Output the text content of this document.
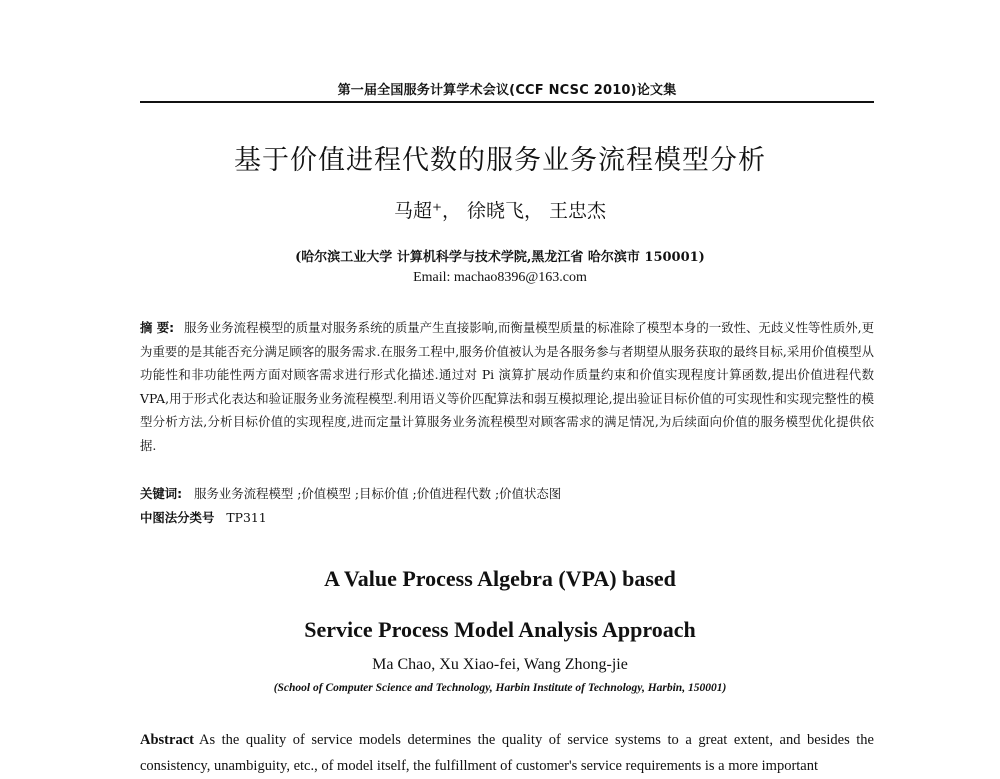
第一届全国服务计算学术会议(CCF NCSC 2010)论文集
基于价值进程代数的服务业务流程模型分析
马超⁺， 徐晓飞， 王忠杰
(哈尔滨工业大学 计算机科学与技术学院,黑龙江省 哈尔滨市 150001)
Email: machao8396@163.com
摘 要: 服务业务流程模型的质量对服务系统的质量产生直接影响,而衡量模型质量的标准除了模型本身的一致性、无歧义性等性质外,更为重要的是其能否充分满足顾客的服务需求.在服务工程中,服务价值被认为是各服务参与者期望从服务获取的最终目标,采用价值模型从功能性和非功能性两方面对顾客需求进行形式化描述.通过对 Pi 演算扩展动作质量约束和价值实现程度计算函数,提出价值进程代数 VPA,用于形式化表达和验证服务业务流程模型.利用语义等价匹配算法和弱互模拟理论,提出验证目标价值的可实现性和实现完整性的模型分析方法,分析目标价值的实现程度,进而定量计算服务业务流程模型对顾客需求的满足情况,为后续面向价值的服务模型优化提供依据.
关键词: 服务业务流程模型 ;价值模型 ;目标价值 ;价值进程代数 ;价值状态图
中图法分类号 TP311
A Value Process Algebra (VPA) based
Service Process Model Analysis Approach
Ma Chao, Xu Xiao-fei, Wang Zhong-jie
(School of Computer Science and Technology, Harbin Institute of Technology, Harbin, 150001)
Abstract As the quality of service models determines the quality of service systems to a great extent, and besides the consistency, unambiguity, etc., of model itself, the fulfillment of customer's service requirements is a more important
